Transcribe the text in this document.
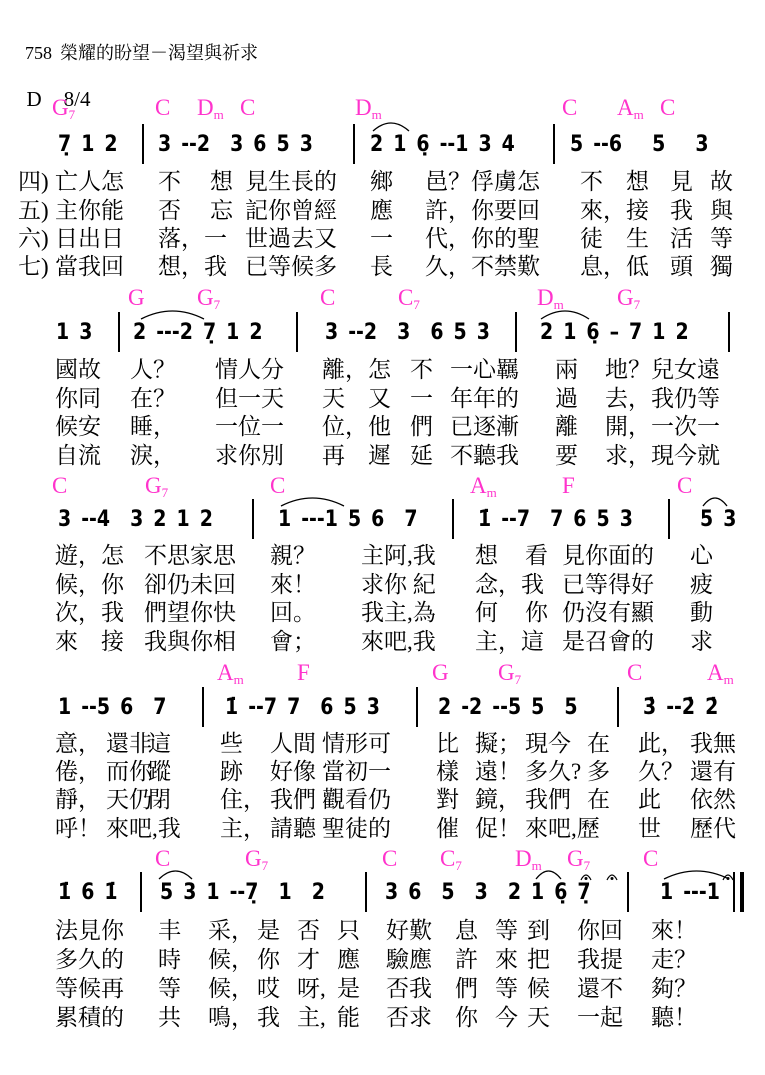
758 榮耀的盼望－渴望與祈求

D 8/4

$G_7$	C $D_m$ C	$D_m$	C $A_m$ C
7̣ 1 2 3 --2  3 6 5 3	2 1 6̣ --1 3 4	5 --6   5   3
四) 亡人怎 不 想 見生長的 鄉 邑？俘虜怎 不　想 見 故
五) 主你能 否 忘 記你曾經 應 許，你要回 來，接 我 與
六) 日出日 落，一 世過去又 一 代，你的聖 徒　生 活 等
七) 當我回 想，我 已等候多 長 久，不禁歎 息，低 頭 獨
G $G_7$	C	$C_7$	$D_m$ $G_7$
1 3 2 ---2 7̣ 1 2	3 --2  3  6 5 3 2 1 6̣ – 7 1 2
國故 人？ 情人分 離，怎 不 一心羈 兩 地？兒女遠
你同 在？ 但一天 天　又 一 年年的 過 去，我仍等
候安 睡， 一位一 位，他 們 已逐漸 離 開，一次一
自流 淚， 求你別 再　遲 延 不聽我 要 求，現今就
C	$G_7$	C	$A_m$	F	C
3 --4  3 2 1 2	1 ---1 5 6  7	1̇ --7  7 6 5 3	5 3
遊，怎 不思家思 親？ 主阿,我 想 看 見你面的 心
候，你 卻仍未回 來！ 求你 紀 念，我 已等得好 疲
次，我 們望你快 回。 我主,為 何 你 仍沒有顯 動
來　接 我與你相 會； 來吧,我 主，這 是召會的 求
$A_m$ F	G $G_7$	C	$A_m$
1 --5 6  7	1̇ --7 7  6 5 3	2 -2 --5 5  5	3̇ --2̇ 2̇
意， 還非
這 些 人間 情形可 比 擬； 現今 在 此， 我無
倦， 而你
蹤 跡 好像 當初一 樣 遠！ 多久? 多 久？ 還有
靜， 天仍
閉 住， 我們 觀看仍 對 鏡， 我們 在 此 依然
呼！ 來吧,我 主， 請聽 聖徒的 催 促！ 來吧,歷 世 歷代
C	$G_7$	C $C_7$ $D_m$ $G_7$ C
1̇ 6 1̇ 5 3 1 --7̣  1  2	3 6  5  3  2 1 6̣ 7̣	1 ---1
法見你 丰 采， 是 否 只 好歎 息 等 到 你回 來！
多久的 時 候， 你 才 應 驗應 許 來 把 我提 走？
等候再 等 候， 哎 呀, 是 否我 們 等 候 還不 夠？
累積的 共 鳴， 我 主, 能 否求 你 今 天 一起 聽！
